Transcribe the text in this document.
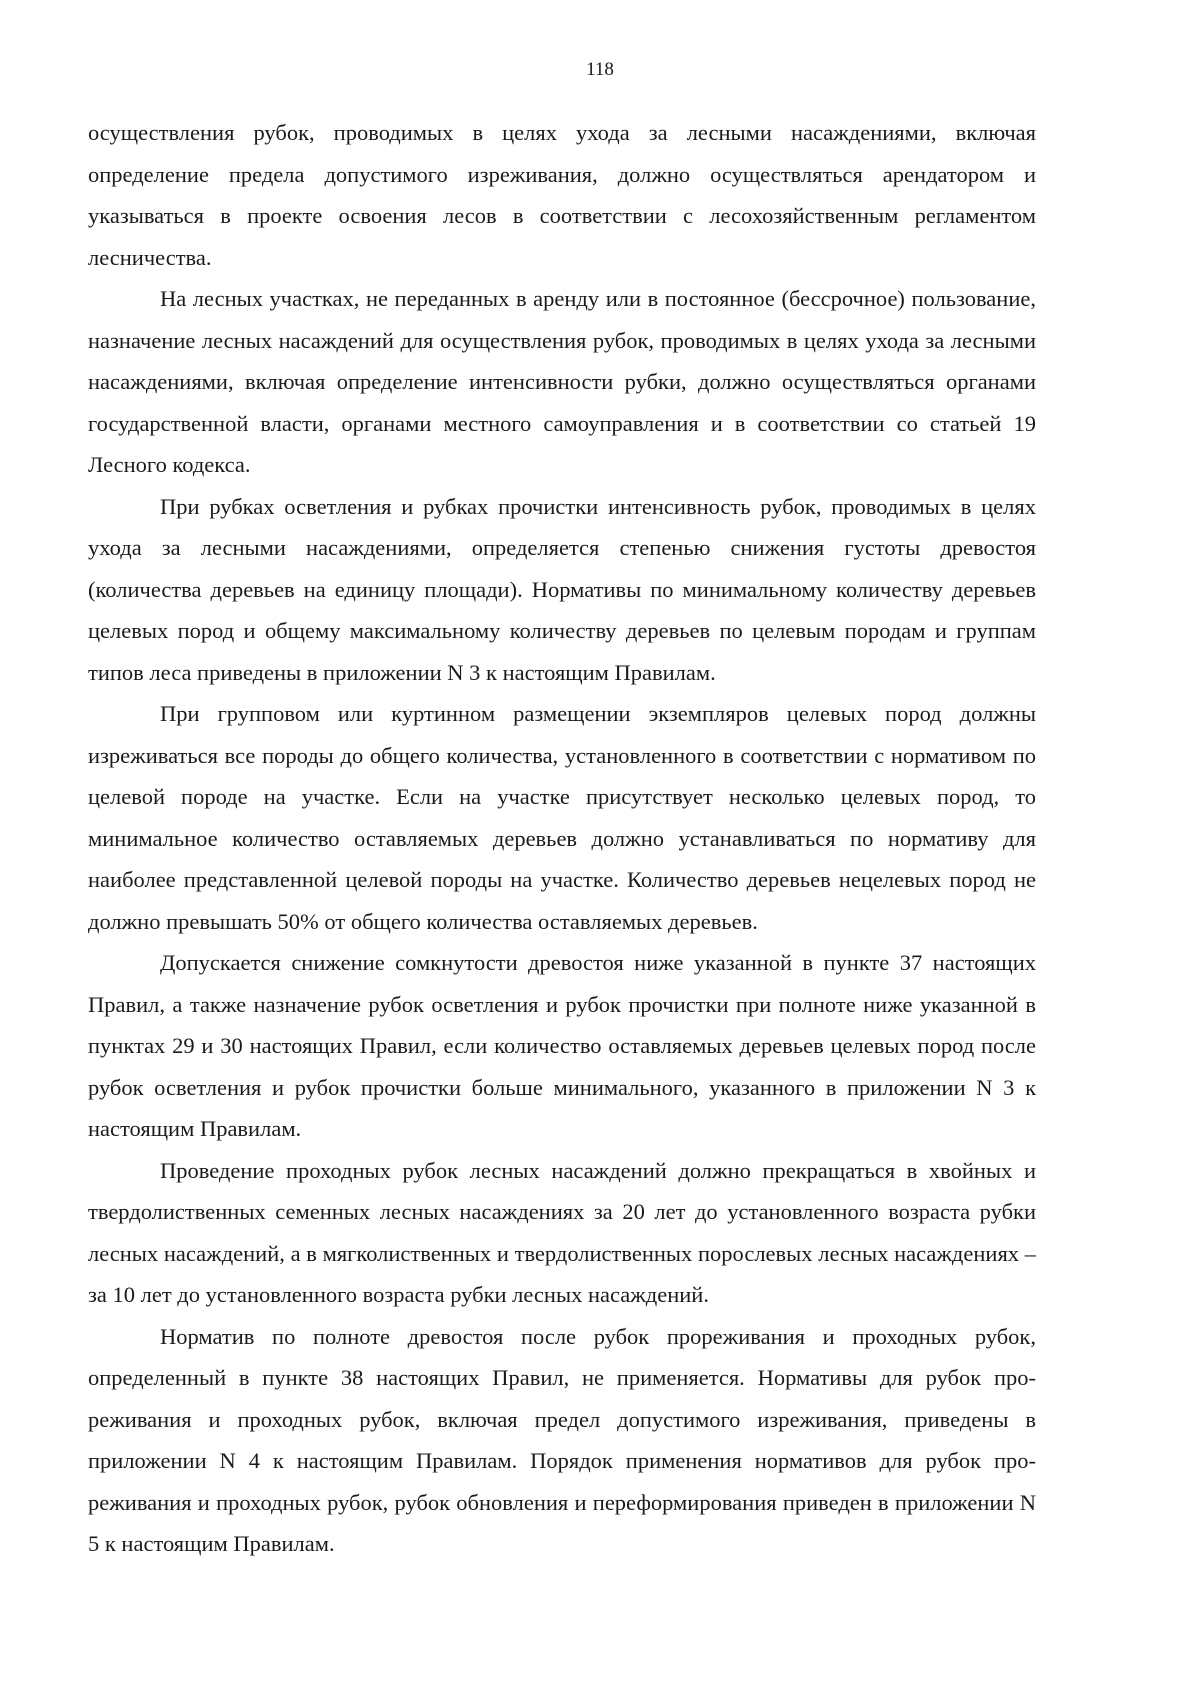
118

осуществления рубок, проводимых в целях ухода за лесными насаждениями, включая определение предела допустимого изреживания, должно осуществляться арендатором и указываться в проекте освоения лесов в соответствии с лесохозяйственным регламентом лесничества.

На лесных участках, не переданных в аренду или в постоянное (бессрочное) пользование, назначение лесных насаждений для осуществления рубок, проводимых в целях ухода за лесными насаждениями, включая определение интенсивности рубки, должно осуществляться органами государственной власти, органами местного самоуправления и в соответствии со статьей 19 Лесного кодекса.

При рубках осветления и рубках прочистки интенсивность рубок, проводимых в целях ухода за лесными насаждениями, определяется степенью снижения густоты древостоя (количества деревьев на единицу площади). Нормативы по минимальному количеству деревьев целевых пород и общему максимальному количеству деревьев по целевым породам и группам типов леса приведены в приложении N 3 к настоящим Правилам.

При групповом или куртинном размещении экземпляров целевых пород должны изреживаться все породы до общего количества, установленного в соответствии с нормативом по целевой породе на участке. Если на участке присутствует несколько целевых пород, то минимальное количество оставляемых деревьев должно устанавливаться по нормативу для наиболее представленной целевой породы на участке. Количество деревьев нецелевых пород не должно превышать 50% от общего количества оставляемых деревьев.

Допускается снижение сомкнутости древостоя ниже указанной в пункте 37 настоящих Правил, а также назначение рубок осветления и рубок прочистки при полноте ниже указанной в пунктах 29 и 30 настоящих Правил, если количество оставляемых деревьев целевых пород после рубок осветления и рубок прочистки больше минимального, указанного в приложении N 3 к настоящим Правилам.

Проведение проходных рубок лесных насаждений должно прекращаться в хвойных и твердолиственных семенных лесных насаждениях за 20 лет до установленного возраста рубки лесных насаждений, а в мягколиственных и твердолиственных порослевых лесных насаждениях – за 10 лет до установленного возраста рубки лесных насаждений.

Норматив по полноте древостоя после рубок прореживания и проходных рубок, определенный в пункте 38 настоящих Правил, не применяется. Нормативы для рубок прореживания и проходных рубок, включая предел допустимого изреживания, приведены в приложении N 4 к настоящим Правилам. Порядок применения нормативов для рубок прореживания и проходных рубок, рубок обновления и переформирования приведен в приложении N 5 к настоящим Правилам.
